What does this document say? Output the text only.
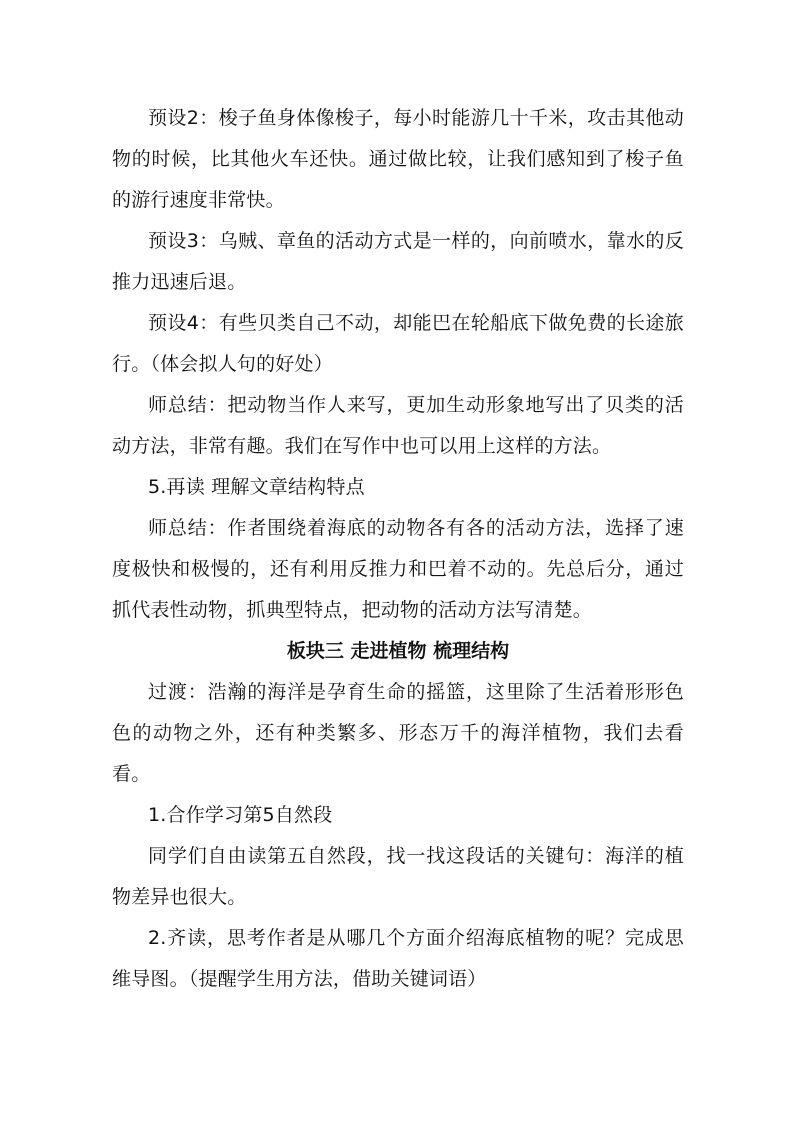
预设2：梭子鱼身体像梭子，每小时能游几十千米，攻击其他动物的时候，比其他火车还快。通过做比较，让我们感知到了梭子鱼的游行速度非常快。

预设3：乌贼、章鱼的活动方式是一样的，向前喷水，靠水的反推力迅速后退。

预设4：有些贝类自己不动，却能巴在轮船底下做免费的长途旅行。（体会拟人句的好处）

师总结：把动物当作人来写，更加生动形象地写出了贝类的活动方法，非常有趣。我们在写作中也可以用上这样的方法。

5.再读 理解文章结构特点

师总结：作者围绕着海底的动物各有各的活动方法，选择了速度极快和极慢的，还有利用反推力和巴着不动的。先总后分，通过抓代表性动物，抓典型特点，把动物的活动方法写清楚。

板块三 走进植物 梳理结构

过渡：浩瀚的海洋是孕育生命的摇篮，这里除了生活着形形色色的动物之外，还有种类繁多、形态万千的海洋植物，我们去看看。

1.合作学习第5自然段

同学们自由读第五自然段，找一找这段话的关键句：海洋的植物差异也很大。

2.齐读，思考作者是从哪几个方面介绍海底植物的呢？完成思维导图。（提醒学生用方法，借助关键词语）
